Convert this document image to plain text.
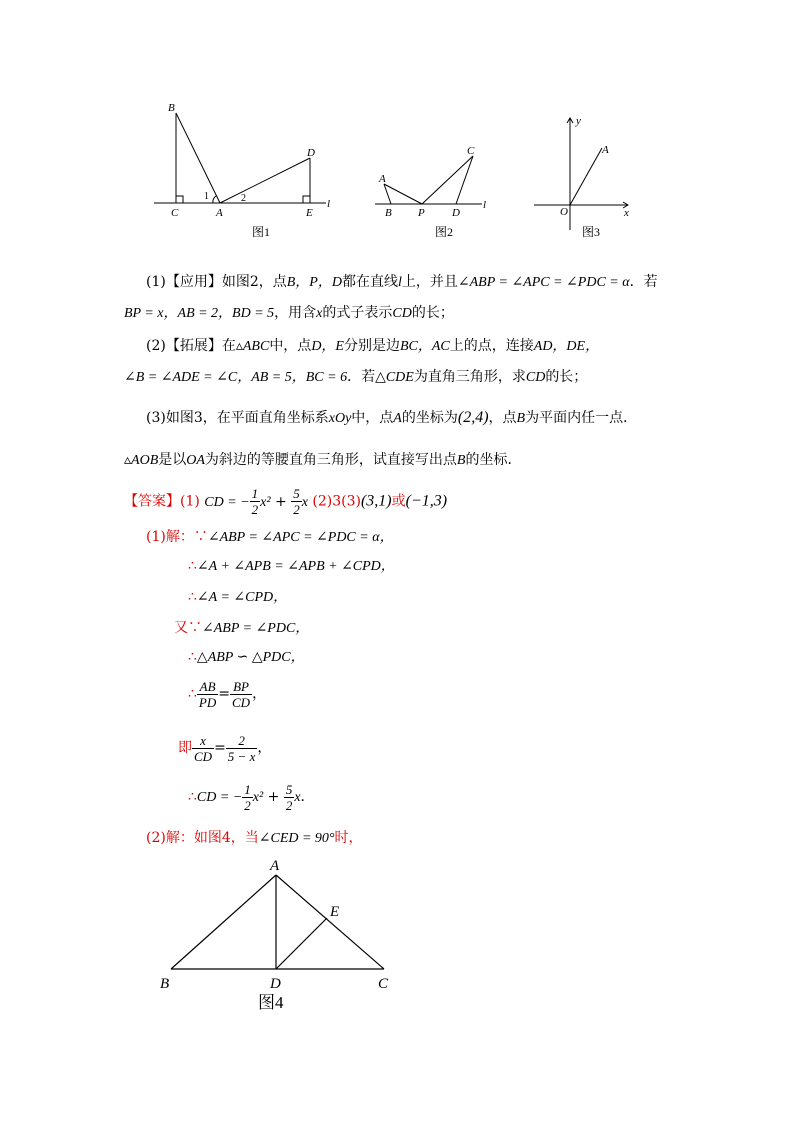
B
D
C	A	E
l
1	2
图1
A
C
B P D
l
图2
y
A
O	x
图3
(1)【应用】如图2，点B，P，D都在直线l上，并且∠ABP = ∠APC = ∠PDC = α．若
BP = x，AB = 2，BD = 5，用含x的式子表示CD的长；
(2)【拓展】在▵ABC中，点D，E分别是边BC，AC上的点，连接AD，DE，
∠B = ∠ADE = ∠C，AB = 5，BC = 6．若△CDE为直角三角形，求CD的长；
(3)如图3，在平面直角坐标系xOy中，点A的坐标为(2,4)，点B为平面内任一点．
▵AOB是以OA为斜边的等腰直角三角形，试直接写出点B的坐标．
【答案】(1) CD = − $\frac{1}{2} x^2 + \frac{5}{2}$ x (2)3(3)(3,1)或(−1,3)
(1)解：∵∠ABP = ∠APC = ∠PDC = α，
∴∠A + ∠APB = ∠APB + ∠CPD，
∴∠A = ∠CPD，
又∵∠ABP = ∠PDC，
∴△ABP ∽ △PDC，
∴ $\frac{AB}{PD} = \frac{BP}{CD}$ ，
即 $\frac{x}{CD} = \frac{2}{5 - x}$ ，
∴CD = − $\frac{1}{2} x^2 + \frac{5}{2}$ x．
(2)解：如图4，当∠CED = 90°时，
A
E
B	D	C
图4
